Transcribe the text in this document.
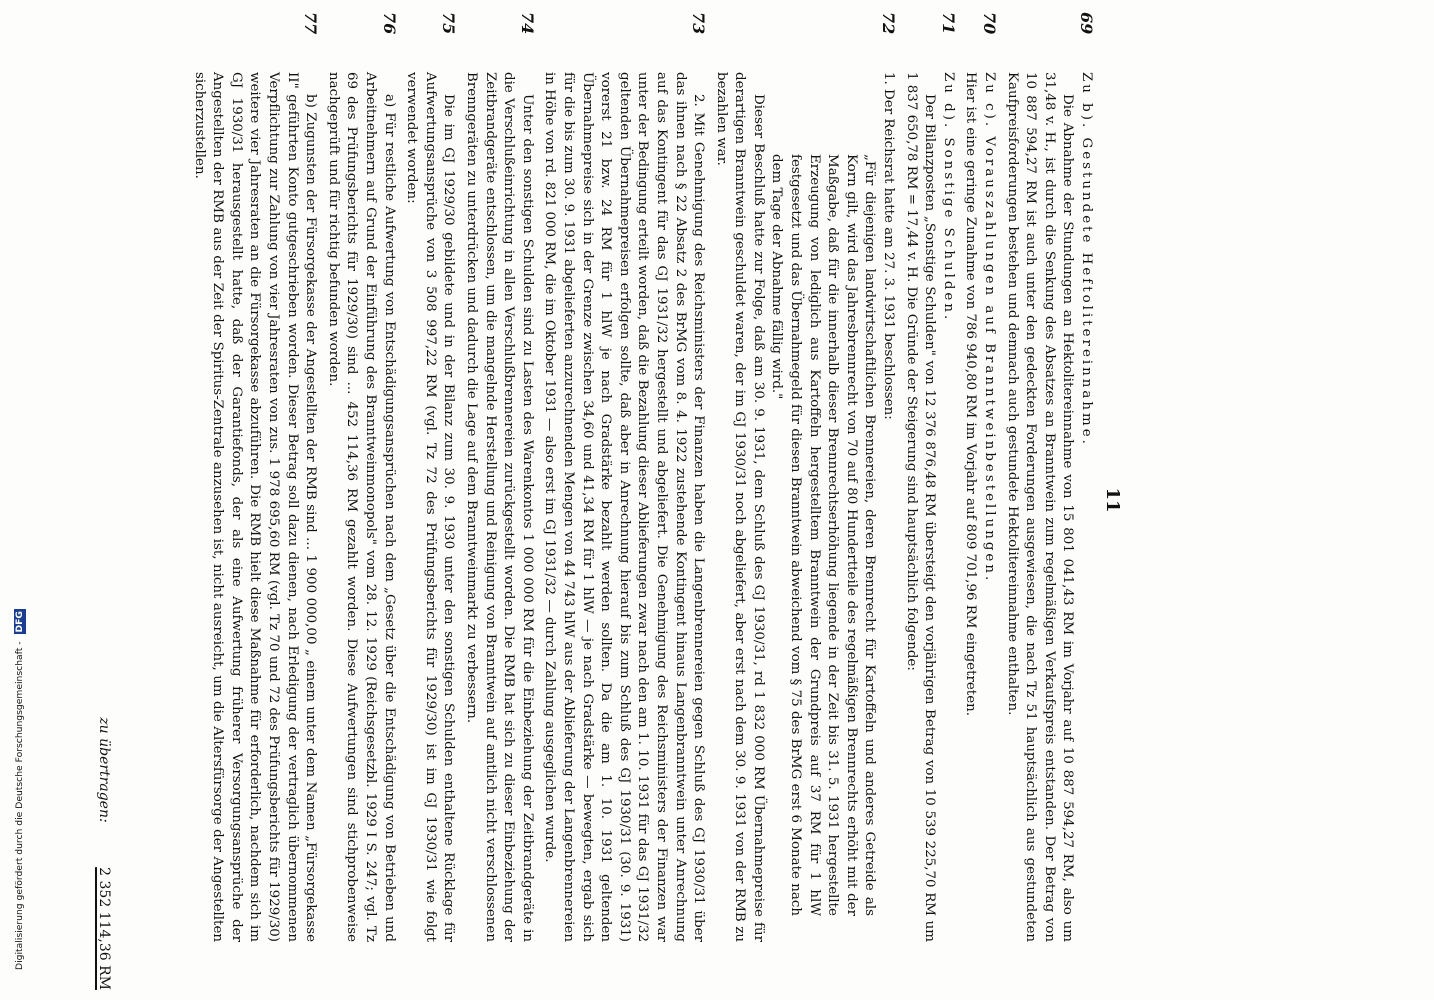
11
69
Zu b). Gestundete Heftolitereinnahme.
Die Abnahme der Stundungen an Hektolitereinnahme von 15 801 041,43 RM im Vorjahr auf 10 887 594,27 RM, also um 31,48 v. H., ist durch die Senkung des Absatzes an Branntwein zum regelmäßigen Verkaufspreis entstanden. Der Betrag von 10 887 594,27 RM ist auch unter den gedeckten Forderungen ausgewiesen, die nach Tz 51 hauptsächlich aus gestundeten Kaufpreisforderungen bestehen und demnach auch gestundete Hektolitereinnahme enthalten.
70
Zu c). Vorauszahlungen auf Branntweinbestellungen.
Hier ist eine geringe Zunahme von 786 940,80 RM im Vorjahr auf 809 701,96 RM eingetreten.
71
Zu d). Sonstige Schulden.
Der Bilanzposten „Sonstige Schulden" von 12 376 876,48 RM übersteigt den vorjährigen Betrag von 10 539 225,70 RM um 1 837 650,78 RM = 17,44 v. H. Die Gründe der Steigerung sind hauptsächlich folgende:
72
1. Der Reichsrat hatte am 27. 3. 1931 beschlossen:
„Für diejenigen landwirtschaftlichen Brennereien, deren Brennrecht für Kartoffeln und anderes Getreide als Korn gilt, wird das Jahresbrennrecht von 70 auf 80 Hundertteile des regelmäßigen Brennrechts erhöht mit der Maßgabe, daß für die innerhalb dieser Brennrechtserhöhung liegende in der Zeit bis 31. 5. 1931 hergestellte Erzeugung von lediglich aus Kartoffeln hergestelltem Branntwein der Grundpreis auf 37 RM für 1 hlW festgesetzt und das Übernahmegeld für diesen Branntwein abweichend vom § 75 des BrMG erst 6 Monate nach dem Tage der Abnahme fällig wird."
Dieser Beschluß hatte zur Folge, daß am 30. 9. 1931, dem Schluß des GJ 1930/31, rd 1 832 000 RM Übernahmepreise für derartigen Branntwein geschuldet waren, der im GJ 1930/31 noch abgeliefert, aber erst nach dem 30. 9. 1931 von der RMB zu bezahlen war.
73
2. Mit Genehmigung des Reichsministers der Finanzen haben die Langenbrennereien gegen Schluß des GJ 1930/31 über das ihnen nach § 22 Absatz 2 des BrMG vom 8. 4. 1922 zustehende Kontingent hinaus Langenbranntwein unter Anrechnung auf das Kontingent für das GJ 1931/32 hergestellt und abgeliefert. Die Genehmigung des Reichsministers der Finanzen war unter der Bedingung erteilt worden, daß die Bezahlung dieser Ablieferungen zwar nach den am 1. 10. 1931 für das GJ 1931/32 geltenden Übernahmepreisen erfolgen sollte, daß aber in Anrechnung hierauf bis zum Schluß des GJ 1930/31 (30. 9. 1931) vorerst 21 bzw. 24 RM für 1 hlW je nach Gradstärke bezahlt werden sollten. Da die am 1. 10. 1931 geltenden Übernahmepreise sich in der Grenze zwischen 34,60 und 41,34 RM für 1 hlW — je nach Gradstärke — bewegten, ergab sich für die bis zum 30. 9. 1931 abgelieferten anzurechnenden Mengen von 44 743 hlW aus der Ablieferung der Langenbrennereien in Höhe von rd. 821 000 RM, die im Oktober 1931 — also erst im GJ 1931/32 — durch Zahlung ausgeglichen wurde.
74
Unter den sonstigen Schulden sind zu Lasten des Warenkontos 1 000 000 RM für die Einbeziehung der Zeitbrandgeräte in die Verschlußeinrichtung in allen Verschlußbrennereien zurückgestellt worden. Die RMB hat sich zu dieser Einbeziehung der Zeitbrandgeräte entschlossen, um die mangelnde Herstellung und Reinigung von Branntwein auf amtlich nicht verschlossenen Brenngeräten zu unterdrücken und dadurch die Lage auf dem Branntweinmarkt zu verbessern.
75
Die im GJ 1929/30 gebildete und in der Bilanz zum 30. 9. 1930 unter den sonstigen Schulden enthaltene Rücklage für Aufwertungsansprüche von 3 508 997,22 RM (vgl. Tz 72 des Prüfungsberichts für 1929/30) ist im GJ 1930/31 wie folgt verwendet worden:
76
a) Für restliche Aufwertung von Entschädigungsansprüchen nach dem „Gesetz über die Entschädigung von Betrieben und Arbeitnehmern auf Grund der Einführung des Branntweinmonopols" vom 28. 12. 1929 (Reichsgesetzbl. 1929 I S. 247; vgl. Tz 69 des Prüfungsberichts für 1929/30) sind ... 452 114,36 RM gezahlt worden. Diese Aufwertungen sind stichprobenweise nachgeprüft und für richtig befunden worden.
77
b) Zugunsten der Fürsorgekasse der Angestellten der RMB sind ... 1 900 000,00 „ einem unter dem Namen „Fürsorgekasse II" geführten Konto gutgeschrieben worden. Dieser Betrag soll dazu dienen, nach Erledigung der vertraglich übernommenen Verpflichtung zur Zahlung von vier Jahresraten von zus. 1 978 695,60 RM (vgl. Tz 70 und 72 des Prüfungsberichts für 1929/30) weitere vier Jahresraten an die Fürsorgekasse abzuführen. Die RMB hielt diese Maßnahme für erforderlich, nachdem sich im GJ 1930/31 herausgestellt hatte, daß der Garantiefonds, der als eine Aufwertung früherer Versorgungsansprüche der Angestellten der RMB aus der Zeit der Spiritus-Zentrale anzusehen ist, nicht ausreicht, um die Altersfürsorge der Angestellten sicherzustellen.
zu übertragen: 2 352 114,36 RM
Digitalisierung gefördert durch die Deutsche Forschungsgemeinschaft - DFG
